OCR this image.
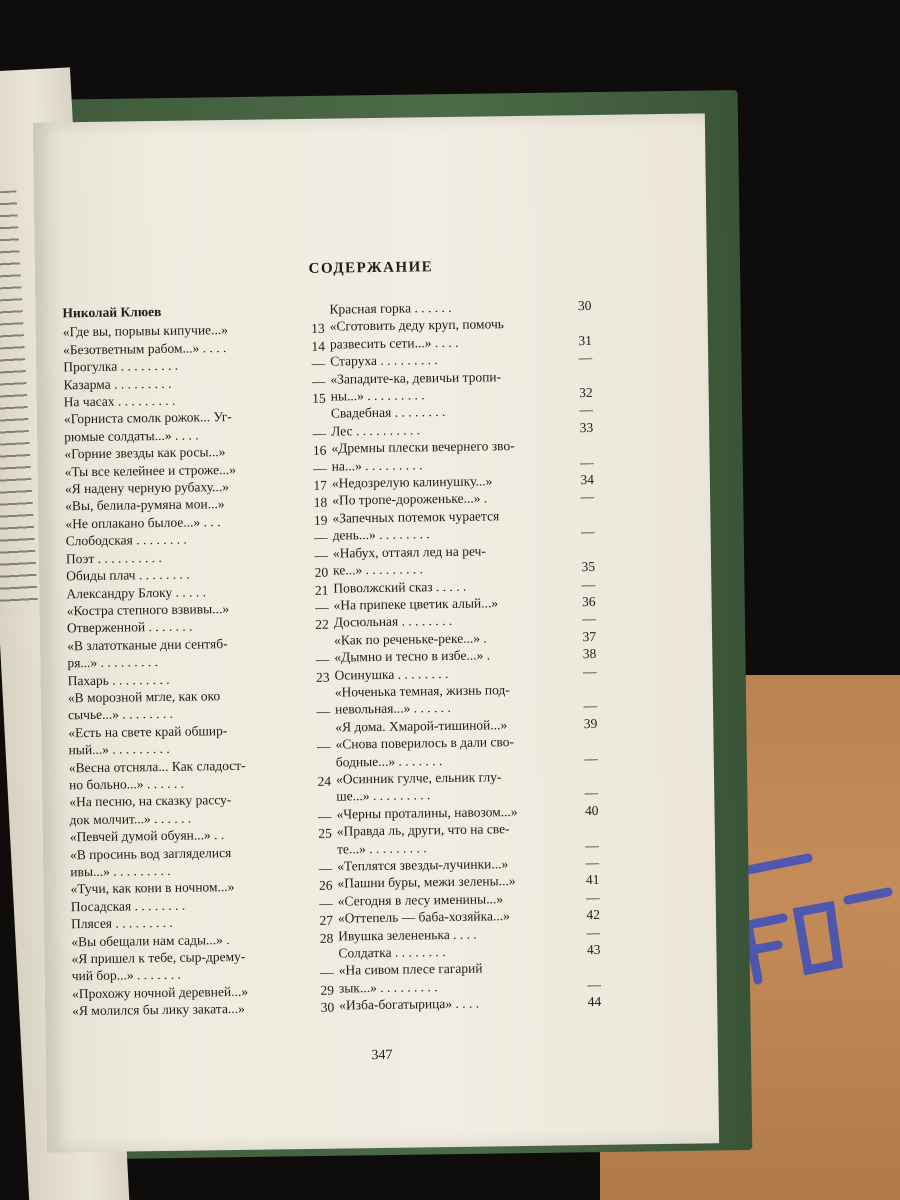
СОДЕРЖАНИЕ
Николай Клюев
«Где вы, порывы кипучие...»	13
«Безответным рабом...» . . . .	14
Прогулка . . . . . . . . .	—
Казарма . . . . . . . . .	—
На часах . . . . . . . . .	15
«Горниста смолк рожок... Уг-
рюмые солдаты...» . . . .	—
«Горние звезды как росы...»	16
«Ты все келейнее и строже...»	—
«Я надену черную рубаху...»	17
«Вы, белила-румяна мои...»	18
«Не оплакано былое...» . . .	19
Слободская . . . . . . . .	—
Поэт . . . . . . . . . .	—
Обиды плач . . . . . . . .	20
Александру Блоку . . . . .	21
«Костра степного взвивы...»	—
Отверженной . . . . . . .	22
«В златотканые дни сентяб-
ря...» . . . . . . . . .	—
Пахарь . . . . . . . . .	23
«В морозной мгле, как око
сычье...» . . . . . . . .	—
«Есть на свете край обшир-
ный...» . . . . . . . . .	—
«Весна отсняла... Как сладост-
но больно...» . . . . . .	24
«На песню, на сказку рассу-
док молчит...» . . . . . .	—
«Певчей думой обуян...» . .	25
«В просинь вод загляделися
ивы...» . . . . . . . . .	—
«Тучи, как кони в ночном...»	26
Посадская . . . . . . . .	—
Плясея . . . . . . . . .	27
«Вы обещали нам сады...» .	28
«Я пришел к тебе, сыр-дрему-
чий бор...» . . . . . . .	—
«Прохожу ночной деревней...»	29
«Я молился бы лику заката...»	30
Красная горка . . . . . .	30
«Сготовить деду круп, помочь
развесить сети...» . . . .	31
Старуха . . . . . . . . .	—
«Западите-ка, девичьи тропи-
ны...» . . . . . . . . .	32
Свадебная . . . . . . . .	—
Лес . . . . . . . . . .	33
«Дремны плески вечернего зво-
на...» . . . . . . . . .	—
«Недозрелую калинушку...»	34
«По тропе-дороженьке...» .	—
«Запечных потемок чурается
день...» . . . . . . . .	—
«Набух, оттаял лед на реч-
ке...» . . . . . . . . .	35
Поволжский сказ . . . . .	—
«На припеке цветик алый...»	36
Досюльная . . . . . . . .	—
«Как по реченьке-реке...» .	37
«Дымно и тесно в избе...» .	38
Осинушка . . . . . . . .	—
«Ноченька темная, жизнь под-
невольная...» . . . . . .	—
«Я дома. Хмарой-тишиной...»	39
«Снова поверилось в дали сво-
бодные...» . . . . . . .	—
«Осинник гулче, ельник глу-
ше...» . . . . . . . . .	—
«Черны проталины, навозом...»	40
«Правда ль, други, что на све-
те...» . . . . . . . . .	—
«Теплятся звезды-лучинки...»	—
«Пашни буры, межи зелены...»	41
«Сегодня в лесу именины...»	—
«Оттепель — баба-хозяйка...»	42
Ивушка зелененька . . . .	—
Солдатка . . . . . . . .	43
«На сивом плесе гагарий
зык...» . . . . . . . . .	—
«Изба-богатырица» . . . .	44
347
